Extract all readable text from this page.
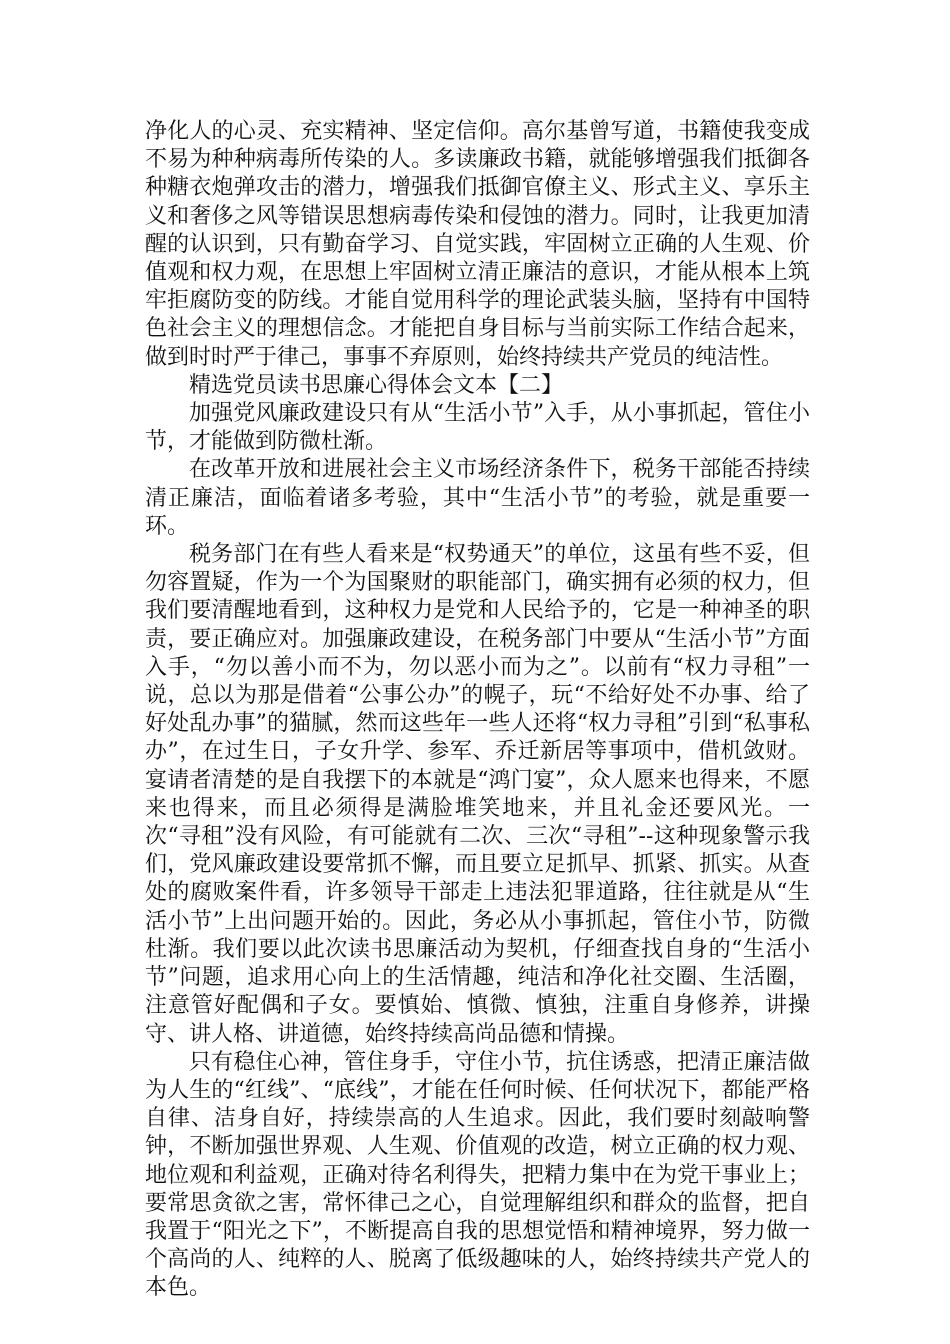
净化人的心灵、充实精神、坚定信仰。高尔基曾写道，书籍使我变成不易为种种病毒所传染的人。多读廉政书籍，就能够增强我们抵御各种糖衣炮弹攻击的潜力，增强我们抵御官僚主义、形式主义、享乐主义和奢侈之风等错误思想病毒传染和侵蚀的潜力。同时，让我更加清醒的认识到，只有勤奋学习、自觉实践，牢固树立正确的人生观、价值观和权力观，在思想上牢固树立清正廉洁的意识，才能从根本上筑牢拒腐防变的防线。才能自觉用科学的理论武装头脑，坚持有中国特色社会主义的理想信念。才能把自身目标与当前实际工作结合起来，做到时时严于律己，事事不弃原则，始终持续共产党员的纯洁性。

精选党员读书思廉心得体会文本【二】

加强党风廉政建设只有从“生活小节”入手，从小事抓起，管住小节，才能做到防微杜渐。

在改革开放和进展社会主义市场经济条件下，税务干部能否持续清正廉洁，面临着诸多考验，其中“生活小节”的考验，就是重要一环。

税务部门在有些人看来是“权势通天”的单位，这虽有些不妥，但勿容置疑，作为一个为国聚财的职能部门，确实拥有必须的权力，但我们要清醒地看到，这种权力是党和人民给予的，它是一种神圣的职责，要正确应对。加强廉政建设，在税务部门中要从“生活小节”方面入手，“勿以善小而不为，勿以恶小而为之”。以前有“权力寻租”一说，总以为那是借着“公事公办”的幌子，玩“不给好处不办事、给了好处乱办事”的猫腻，然而这些年一些人还将“权力寻租”引到“私事私办”，在过生日，子女升学、参军、乔迁新居等事项中，借机敛财。宴请者清楚的是自我摆下的本就是“鸿门宴”，众人愿来也得来，不愿来也得来，而且必须得是满脸堆笑地来，并且礼金还要风光。一次“寻租”没有风险，有可能就有二次、三次“寻租”--这种现象警示我们，党风廉政建设要常抓不懈，而且要立足抓早、抓紧、抓实。从查处的腐败案件看，许多领导干部走上违法犯罪道路，往往就是从“生活小节”上出问题开始的。因此，务必从小事抓起，管住小节，防微杜渐。我们要以此次读书思廉活动为契机，仔细查找自身的“生活小节”问题，追求用心向上的生活情趣，纯洁和净化社交圈、生活圈，注意管好配偶和子女。要慎始、慎微、慎独，注重自身修养，讲操守、讲人格、讲道德，始终持续高尚品德和情操。

只有稳住心神，管住身手，守住小节，抗住诱惑，把清正廉洁做为人生的“红线”、“底线”，才能在任何时候、任何状况下，都能严格自律、洁身自好，持续崇高的人生追求。因此，我们要时刻敲响警钟，不断加强世界观、人生观、价值观的改造，树立正确的权力观、地位观和利益观，正确对待名利得失，把精力集中在为党干事业上；要常思贪欲之害，常怀律己之心，自觉理解组织和群众的监督，把自我置于“阳光之下”，不断提高自我的思想觉悟和精神境界，努力做一个高尚的人、纯粹的人、脱离了低级趣味的人，始终持续共产党人的本色。
